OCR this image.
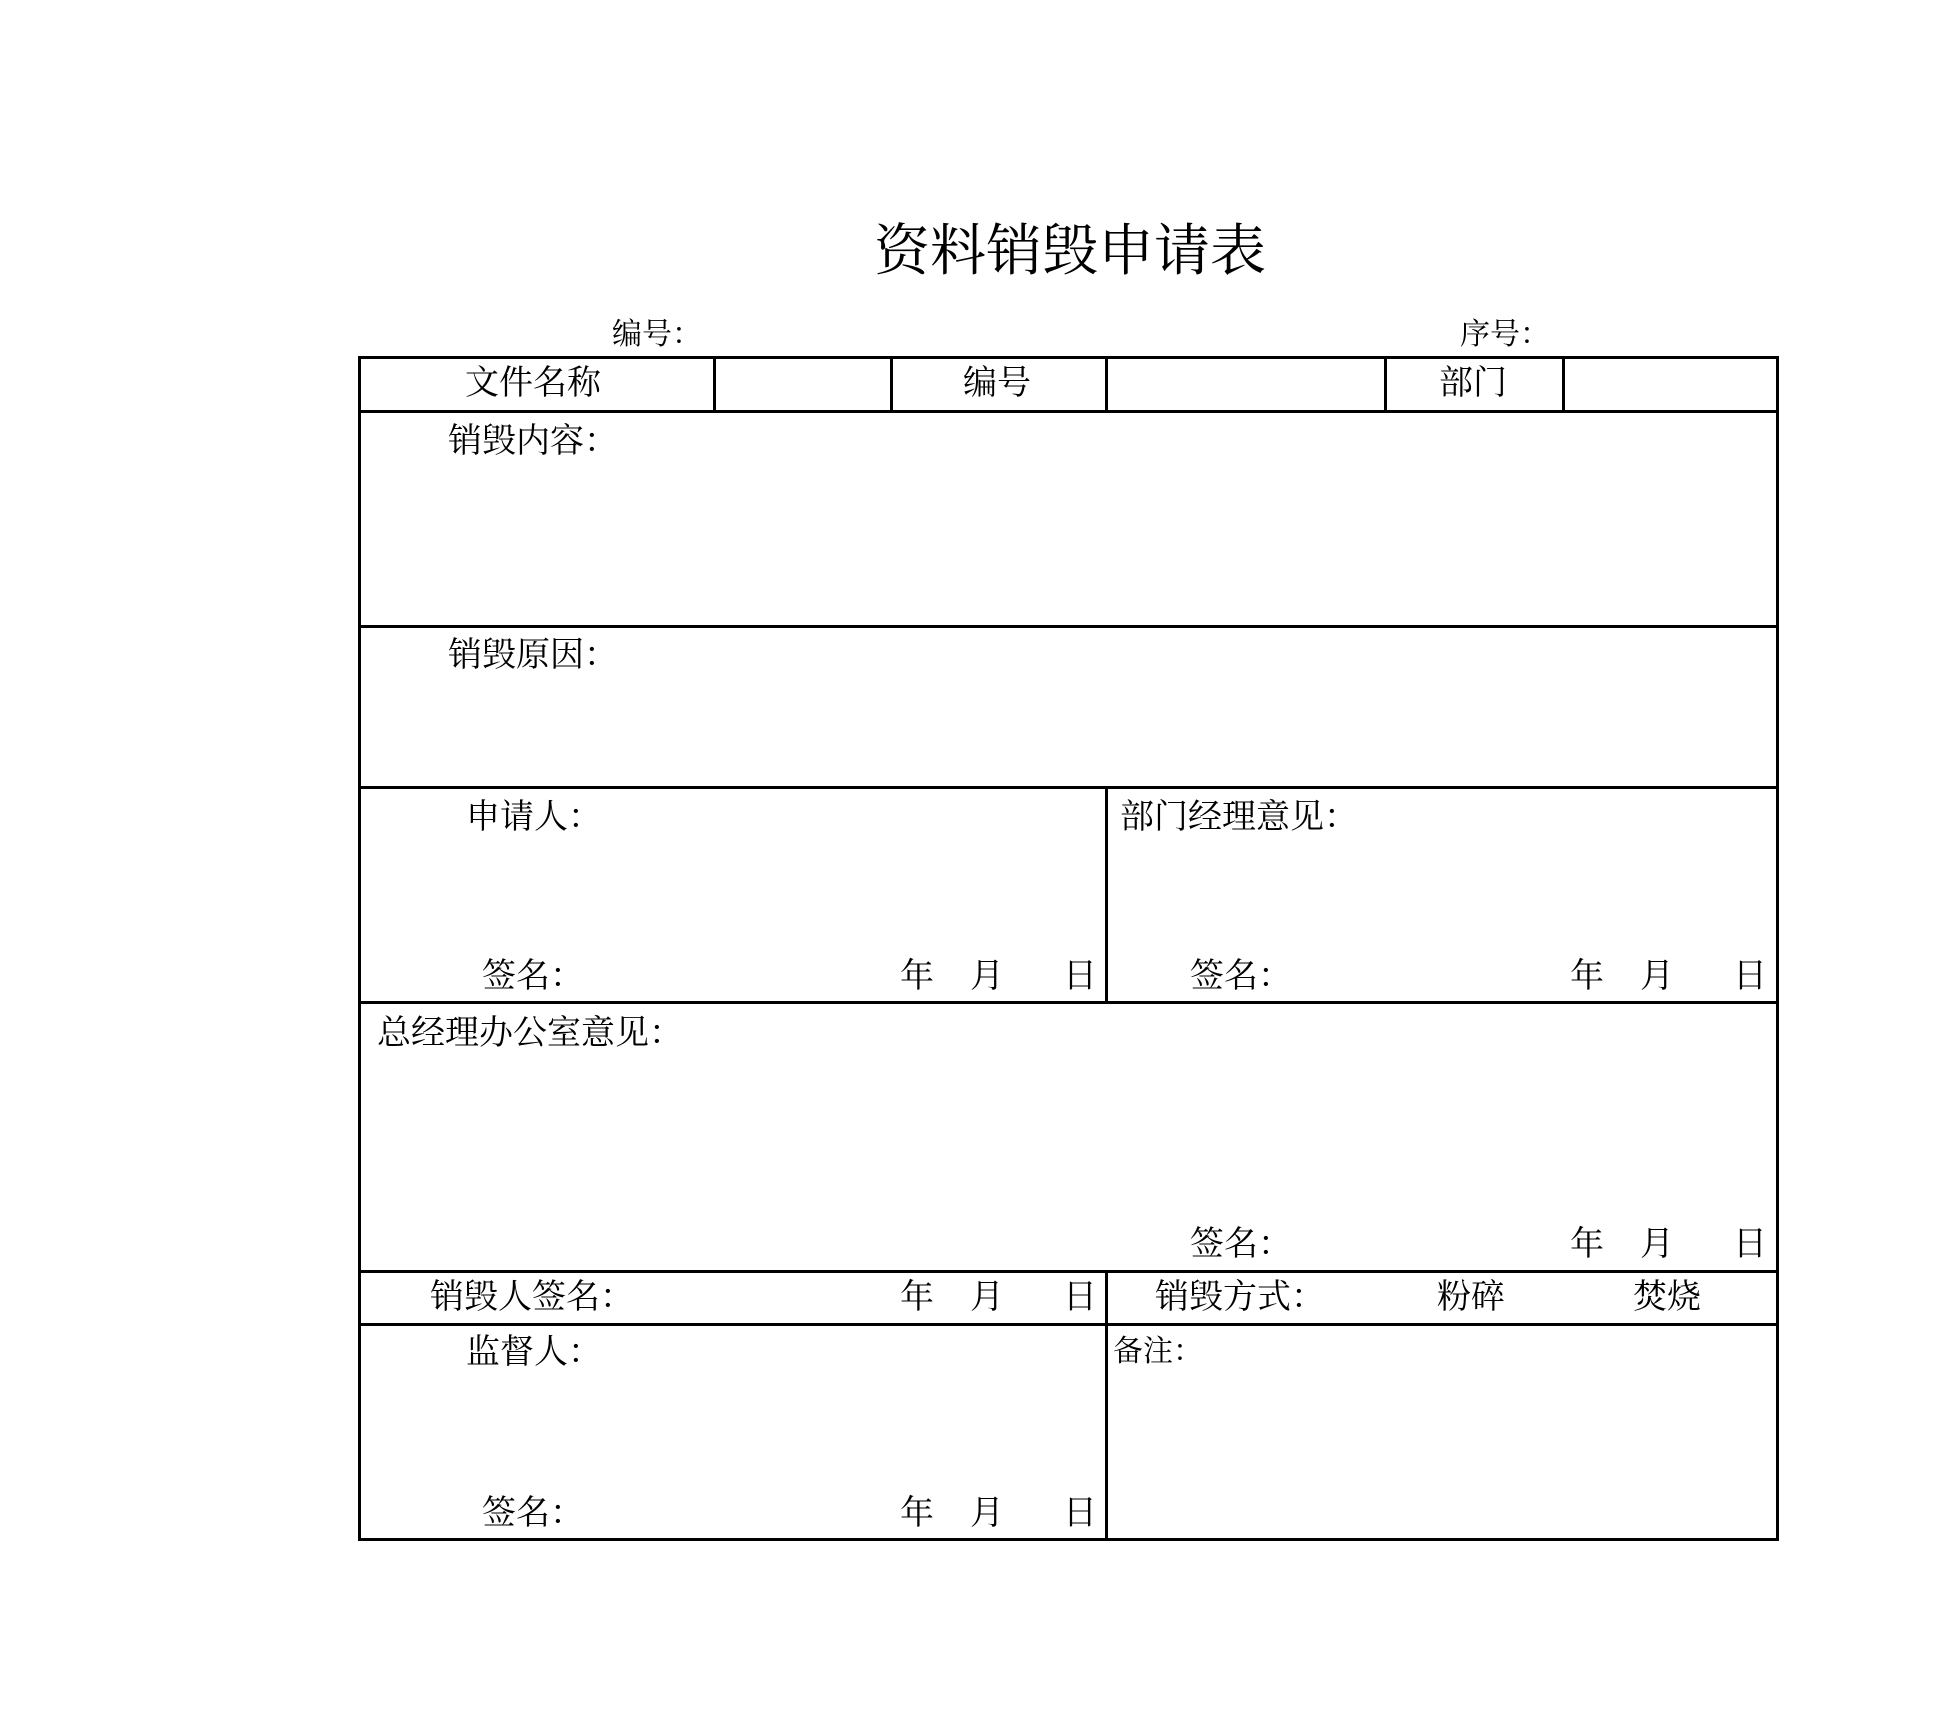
资料销毁申请表
编号：	序号：
文件名称	编号	部门
销毁内容：
销毁原因：
申请人：
签名：	年 月 日
部门经理意见：
签名：	年 月 日
总经理办公室意见：
签名：	年 月 日
销毁人签名：	年 月 日 销毁方式：	粉碎	焚烧
监督人：
签名：	年 月 日
备注：
